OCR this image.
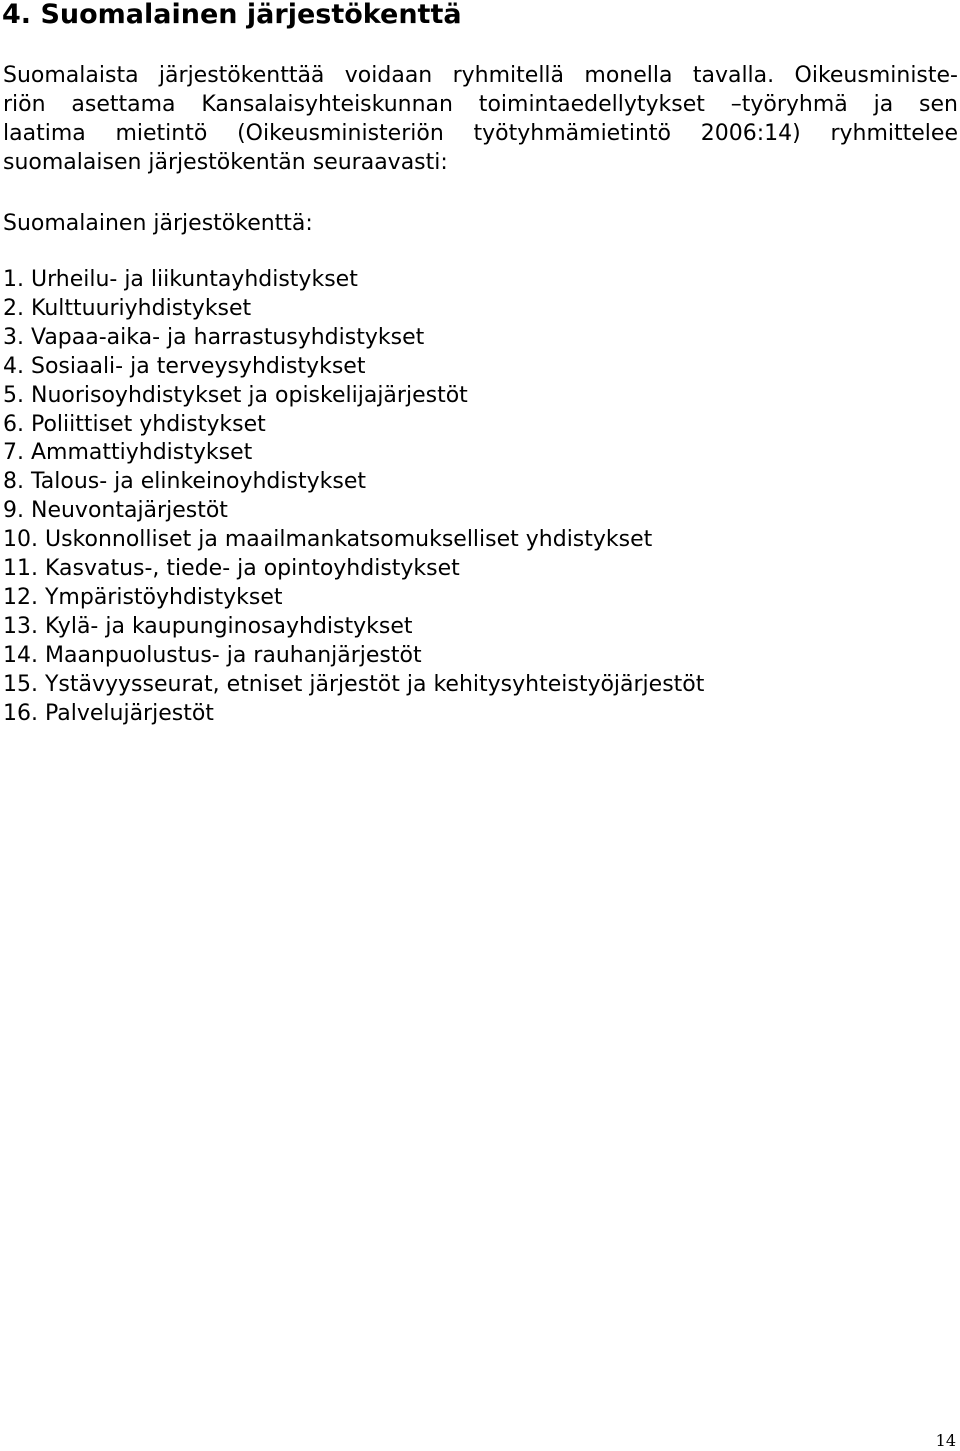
4. Suomalainen järjestökenttä
Suomalaista järjestökenttää voidaan ryhmitellä monella tavalla. Oikeusministe-
riön asettama Kansalaisyhteiskunnan toimintaedellytykset –työryhmä ja sen
laatima mietintö (Oikeusministeriön työtyhmämietintö 2006:14) ryhmittelee
suomalaisen järjestökentän seuraavasti:

Suomalainen järjestökenttä:

1. Urheilu- ja liikuntayhdistykset
2. Kulttuuriyhdistykset
3. Vapaa-aika- ja harrastusyhdistykset
4. Sosiaali- ja terveysyhdistykset
5. Nuorisoyhdistykset ja opiskelijajärjestöt
6. Poliittiset yhdistykset
7. Ammattiyhdistykset
8. Talous- ja elinkeinoyhdistykset
9. Neuvontajärjestöt
10. Uskonnolliset ja maailmankatsomukselliset yhdistykset
11. Kasvatus-, tiede- ja opintoyhdistykset
12. Ympäristöyhdistykset
13. Kylä- ja kaupunginosayhdistykset
14. Maanpuolustus- ja rauhanjärjestöt
15. Ystävyysseurat, etniset järjestöt ja kehitysyhteistyöjärjestöt
16. Palvelujärjestöt
14
